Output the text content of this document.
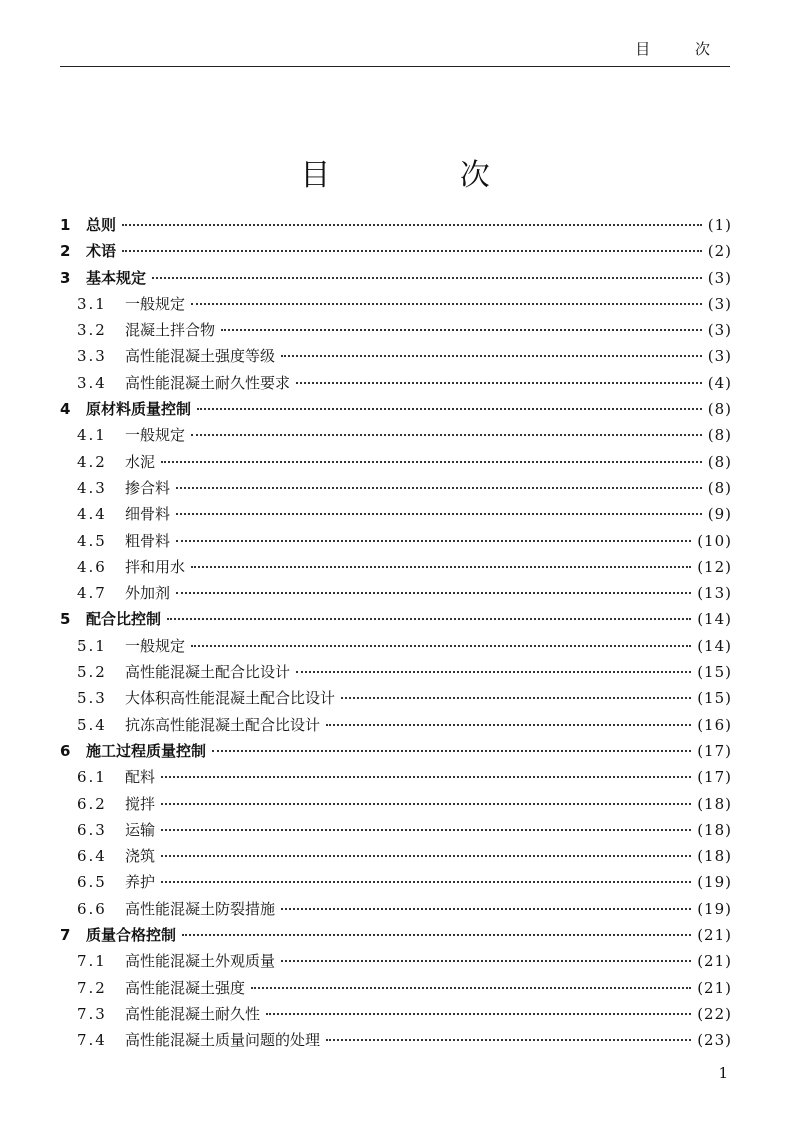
目 次
目 次
1	总则	(1)
2	术语	(2)
3	基本规定	(3)
3.1	一般规定	(3)
3.2	混凝土拌合物	(3)
3.3	高性能混凝土强度等级	(3)
3.4	高性能混凝土耐久性要求	(4)
4	原材料质量控制	(8)
4.1	一般规定	(8)
4.2	水泥	(8)
4.3	掺合料	(8)
4.4	细骨料	(9)
4.5	粗骨料	(10)
4.6	拌和用水	(12)
4.7	外加剂	(13)
5	配合比控制	(14)
5.1	一般规定	(14)
5.2	高性能混凝土配合比设计	(15)
5.3	大体积高性能混凝土配合比设计	(15)
5.4	抗冻高性能混凝土配合比设计	(16)
6	施工过程质量控制	(17)
6.1	配料	(17)
6.2	搅拌	(18)
6.3	运输	(18)
6.4	浇筑	(18)
6.5	养护	(19)
6.6	高性能混凝土防裂措施	(19)
7	质量合格控制	(21)
7.1	高性能混凝土外观质量	(21)
7.2	高性能混凝土强度	(21)
7.3	高性能混凝土耐久性	(22)
7.4	高性能混凝土质量问题的处理	(23)
1
